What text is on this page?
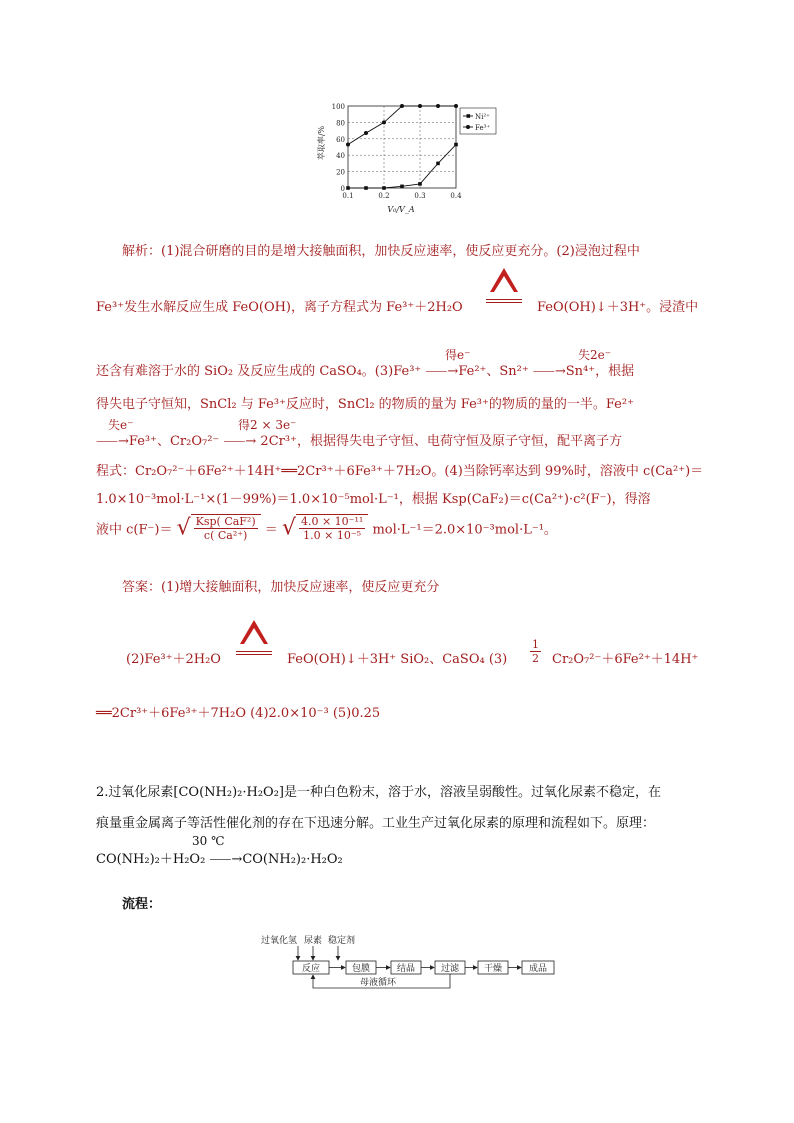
萃取率/%
0
20
40
60
80
100
0.1	0.2	0.3	0.4
Ni²⁺
Fe³⁺
V₀/V_A
解析：(1)混合研磨的目的是增大接触面积，加快反应速率，使反应更充分。(2)浸泡过程中
Fe³⁺发生水解反应生成 FeO(OH)，离子方程式为 Fe³⁺＋2H₂O	FeO(OH)↓＋3H⁺。浸渣中
得e⁻	失2e⁻
还含有难溶于水的 SiO₂ 及反应生成的 CaSO₄。(3)Fe³⁺ ⸺→Fe²⁺、Sn²⁺ ⸺→Sn⁴⁺，根据
得失电子守恒知，SnCl₂ 与 Fe³⁺反应时，SnCl₂ 的物质的量为 Fe³⁺的物质的量的一半。Fe²⁺
失e⁻	得2 × 3e⁻
⸺→Fe³⁺、Cr₂O₇²⁻ ⸺→ 2Cr³⁺，根据得失电子守恒、电荷守恒及原子守恒，配平离子方
程式：Cr₂O₇²⁻＋6Fe²⁺＋14H⁺══2Cr³⁺＋6Fe³⁺＋7H₂O。(4)当除钙率达到 99%时，溶液中 c(Ca²⁺)＝
1.0×10⁻³mol·L⁻¹×(1－99%)＝1.0×10⁻⁵mol·L⁻¹，根据 Ksp(CaF₂)＝c(Ca²⁺)·c²(F⁻)，得溶
液中 c(F⁻)＝ √ $\frac{\text{Ksp( CaF²)}}{\text{c( Ca²⁺)}}$ ＝ √ $\frac{\text{4.0 × 10⁻¹¹}}{\text{1.0 × 10⁻⁵}} mol\cdot L^{-1}=2.0\times 10^{-3}mol\cdot L^{-1}$。
答案：(1)增大接触面积，加快反应速率，使反应更充分
(2)Fe³⁺＋2H₂O	FeO(OH)↓＋3H⁺ SiO₂、CaSO₄ $(3) \frac{1}{2} Cr_2O_7^{2-}+6Fe^{2+}+14H^+$
══2Cr³⁺＋6Fe³⁺＋7H₂O (4)2.0×10⁻³ (5)0.25
2.过氧化尿素[CO(NH₂)₂·H₂O₂]是一种白色粉末，溶于水，溶液呈弱酸性。过氧化尿素不稳定，在
痕量重金属离子等活性催化剂的存在下迅速分解。工业生产过氧化尿素的原理和流程如下。原理：
30 ℃
CO(NH₂)₂＋H₂O₂ ⸺→CO(NH₂)₂·H₂O₂
流程：
过氧化氢 尿素 稳定剂
反应	包膜	结晶	过滤	干燥	成品
母液循环
